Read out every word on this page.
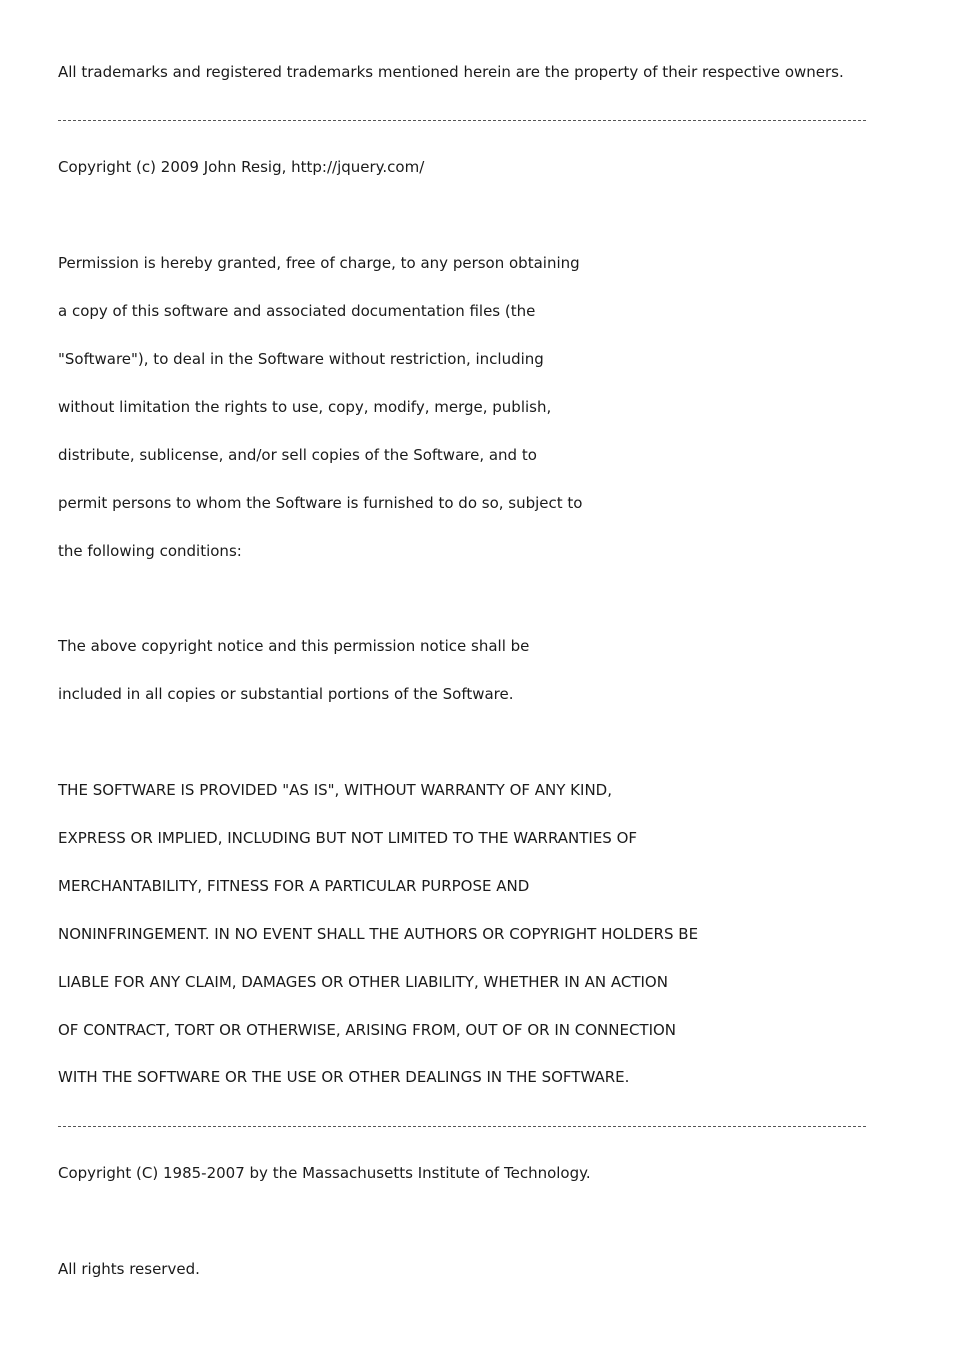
All trademarks and registered trademarks mentioned herein are the property of their respective owners.
Copyright (c) 2009 John Resig, http://jquery.com/
Permission is hereby granted, free of charge, to any person obtaining
a copy of this software and associated documentation files (the
"Software"), to deal in the Software without restriction, including
without limitation the rights to use, copy, modify, merge, publish,
distribute, sublicense, and/or sell copies of the Software, and to
permit persons to whom the Software is furnished to do so, subject to
the following conditions:
The above copyright notice and this permission notice shall be
included in all copies or substantial portions of the Software.
THE SOFTWARE IS PROVIDED "AS IS", WITHOUT WARRANTY OF ANY KIND,
EXPRESS OR IMPLIED, INCLUDING BUT NOT LIMITED TO THE WARRANTIES OF
MERCHANTABILITY, FITNESS FOR A PARTICULAR PURPOSE AND
NONINFRINGEMENT. IN NO EVENT SHALL THE AUTHORS OR COPYRIGHT HOLDERS BE
LIABLE FOR ANY CLAIM, DAMAGES OR OTHER LIABILITY, WHETHER IN AN ACTION
OF CONTRACT, TORT OR OTHERWISE, ARISING FROM, OUT OF OR IN CONNECTION
WITH THE SOFTWARE OR THE USE OR OTHER DEALINGS IN THE SOFTWARE.
Copyright (C) 1985-2007 by the Massachusetts Institute of Technology.
All rights reserved.
